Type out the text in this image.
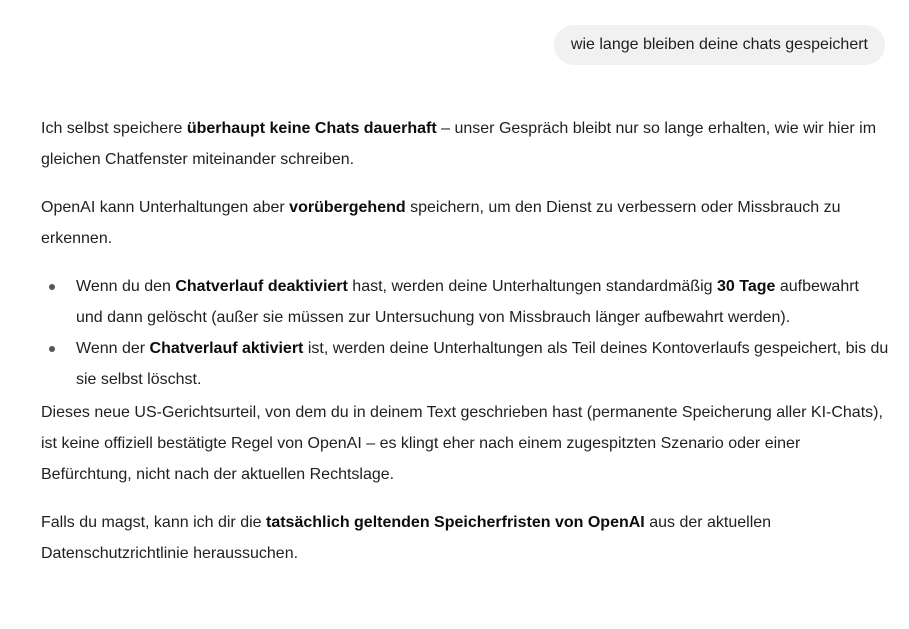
wie lange bleiben deine chats gespeichert

Ich selbst speichere überhaupt keine Chats dauerhaft – unser Gespräch bleibt nur so lange erhalten, wie wir hier im gleichen Chatfenster miteinander schreiben.

OpenAI kann Unterhaltungen aber vorübergehend speichern, um den Dienst zu verbessern oder Missbrauch zu erkennen.

Wenn du den Chatverlauf deaktiviert hast, werden deine Unterhaltungen standardmäßig 30 Tage aufbewahrt und dann gelöscht (außer sie müssen zur Untersuchung von Missbrauch länger aufbewahrt werden).
Wenn der Chatverlauf aktiviert ist, werden deine Unterhaltungen als Teil deines Kontoverlaufs gespeichert, bis du sie selbst löschst.

Dieses neue US-Gerichtsurteil, von dem du in deinem Text geschrieben hast (permanente Speicherung aller KI-Chats), ist keine offiziell bestätigte Regel von OpenAI – es klingt eher nach einem zugespitzten Szenario oder einer Befürchtung, nicht nach der aktuellen Rechtslage.

Falls du magst, kann ich dir die tatsächlich geltenden Speicherfristen von OpenAI aus der aktuellen Datenschutzrichtlinie heraussuchen.
